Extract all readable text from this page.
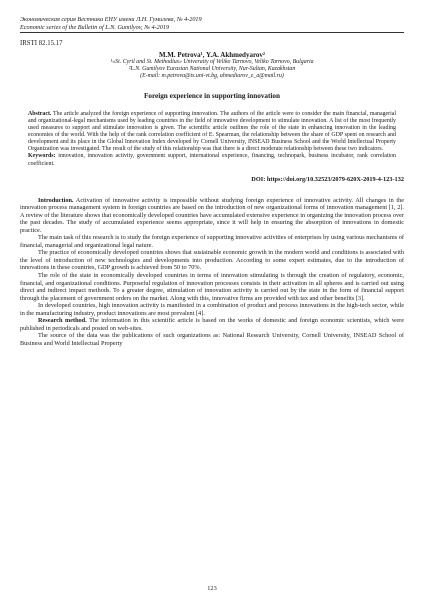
Экономическая серия Вестника ЕНУ имени Л.Н. Гумилева, № 4-2019
Economic series of the Bulletin of L.N. Gumilyov, № 4-2019
IRSTI 82.15.17
M.M. Petrova¹, Y.A. Akhmedyarov²
¹«St. Cyril and St. Methodius» Univeraity of Veliko Tarnovo, Veliko Tarnovo, Bulgaria
²L.N. Gumilyov Eurasian National University, Nur-Sultan, Kazakhstan
(E-mail: m.petrova@ts.uni-vt.bg, ahmediarov_e_a@mail.ru)
Foreign experience in supporting innovation
Abstract. The article analyzed the foreign experience of supporting innovation. The authors of the article were to consider the main financial, managerial and organizational-legal mechanisms used by leading countries in the field of innovative development to stimulate innovation. A list of the most frequently used measures to support and stimulate innovation is given. The scientific article outlines the role of the state in enhancing innovation in the leading economies of the world. With the help of the rank correlation coefficient of E. Spearman, the relationship between the share of GDP spent on research and development and its place in the Global Innovation Index developed by Cornell University, INSEAD Business School and the World Intellectual Property Organization was investigated. The result of the study of this relationship was that there is a direct moderate relationship between these two indicators.
Keywords: innovation, innovation activity, government support, international experience, financing, technopark, business incubator, rank correlation coefficient.
DOI: https://doi.org/10.32523/2079-620X-2019-4-123-132

Introduction. Activation of innovative activity is impossible without studying foreign experience of innovative activity. All changes in the innovation process management system in foreign countries are based on the introduction of new organizational forms of innovation management [1, 2]. A review of the literature shows that economically developed countries have accumulated extensive experience in organizing the innovation process over the past decades. The study of accumulated experience seems appropriate, since it will help in ensuring the absorption of innovations in domestic practice.

The main task of this research is to study the foreign experience of supporting innovative activities of enterprises by using various mechanisms of financial, managerial and organizational legal nature.

The practice of economically developed countries shows that sustainable economic growth in the modern world and conditions is associated with the level of introduction of new technologies and developments into production. According to some expert estimates, due to the introduction of innovations in these countries, GDP growth is achieved from 50 to 70%.

The role of the state in economically developed countries in terms of innovation stimulating is through the creation of regulatory, economic, financial, and organizational conditions. Purposeful regulation of innovation processes consists in their activation in all spheres and is carried out using direct and indirect impact methods. To a greater degree, stimulation of innovation activity is carried out by the state in the form of financial support through the placement of government orders on the market. Along with this, innovative firms are provided with tax and other benefits [3].

In developed countries, high innovation activity is manifested in a combination of product and process innovations in the high-tech sector, while in the manufacturing industry, product innovations are most prevalent [4].

Research method. The information in this scientific article is based on the works of domestic and foreign economic scientists, which were published in periodicals and posted on web-sites.

The source of the data was the publications of such organizations as: National Research University, Cornell University, INSEAD School of Business and World Intellectual Property

123
